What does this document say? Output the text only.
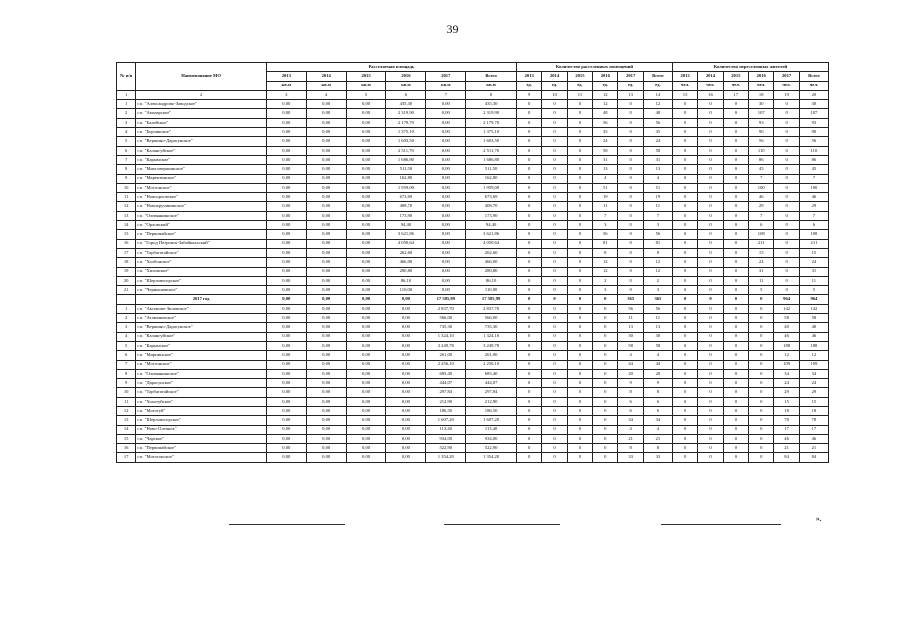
39
№ п/п	Наименование МО	Расселяемая площадь						Количество расселенных помещений						Количество переселенных жителей					
		2013	2014	2015	2016	2017	Всего	2013	2014	2015	2016	2017	Всего	2013	2014	2015	2016	2017	Всего
		кв.м	кв.м	кв.м	кв.м	кв.м	кв.м	ед.	ед.	ед.	ед.	ед.	ед.	чел.	чел.	чел.	чел.	чел.	чел.
1	2	3	4	5	6	7	8	9	10	11	12	13	14	15	16	17	18	19	20
1	г.п. "Александрово-Заводское"	0,00	0,00	0,00	435,30	0,00	435,30	0	0	0	12	0	12	0	0	0	30	0	30
2	г.п. "Амазарское"	0,00	0,00	0,00	2 319,90	0,00	2 319,90	0	0	0	48	0	48	0	0	0	107	0	107
3	г.п. "Балейское"	0,00	0,00	0,00	2 179,70	0,00	2 179,70	0	0	0	56	0	56	0	0	0	93	0	93
4	г.п. "Борзинское"	0,00	0,00	0,00	1 375,10	0,00	1 375,10	0	0	0	35	0	35	0	0	0	90	0	90
5	г.п. "Вершино-Дарасунское"	0,00	0,00	0,00	1 603,50	0,00	1 603,50	0	0	0	24	0	24	0	0	0	56	0	56
6	г.п. "Калангуйское"	0,00	0,00	0,00	2 511,70	0,00	2 511,70	0	0	0	58	0	58	0	0	0	110	0	110
7	г.п. "Карымское"	0,00	0,00	0,00	1 686,80	0,00	1 686,80	0	0	0	31	0	31	0	0	0	86	0	86
8	г.п. "Многовершинское"	0,00	0,00	0,00	511,50	0,00	511,50	0	0	0	13	0	13	0	0	0	45	0	45
9	г.п. "Маректинское"	0,00	0,00	0,00	162,80	0,00	162,80	0	0	0	4	0	4	0	0	0	7	0	7
10	г.п. "Могзонское"	0,00	0,00	0,00	1 959,00	0,00	1 959,00	0	0	0	51	0	51	0	0	0	100	0	100
11	г.п. "Новоорловское"	0,00	0,00	0,00	673,69	0,00	673,69	0	0	0	19	0	19	0	0	0	46	0	46
12	г.п. "Новокручининское"	0,00	0,00	0,00	408,70	0,00	408,70	0	0	0	11	0	11	0	0	0	29	0	29
13	г.п. "Оловяннинское"	0,00	0,00	0,00	173,90	0,00	173,90	0	0	0	7	0	7	0	0	0	7	0	7
14	г.п. "Орловский"	0,00	0,00	0,00	94,40	0,00	94,40	0	0	0	3	0	3	0	0	0	6	0	6
15	г.п. "Первомайское"	0,00	0,00	0,00	3 621,86	0,00	3 621,86	0	0	0	56	0	56	0	0	0	108	0	108
16	г.о. "Город Петровск-Забайкальский"	0,00	0,00	0,00	4 050,64	0,00	4 050,64	0	0	0	81	0	81	0	0	0	211	0	211
17	г.п. "Тарбагатайское"	0,00	0,00	0,00	262,60	0,00	262,60	0	0	0	8	0	8	0	0	0	15	0	15
18	г.п. "Холбонское"	0,00	0,00	0,00	466,00	0,00	466,00	0	0	0	12	0	12	0	0	0	24	0	24
19	г.п. "Хилокское"	0,00	0,00	0,00	280,80	0,00	280,80	0	0	0	12	0	12	0	0	0	31	0	31
20	г.п. "Шерловогорское"	0,00	0,00	0,00	86,10	0,00	86,10	0	0	0	2	0	2	0	0	0	11	0	11
21	г.п. "Чернышевское"	0,00	0,00	0,00	110,00	0,00	110,00	0	0	0	3	0	3	0	0	0	5	0	5
	2017 год	0,00	0,00	0,00	0,00	17 585,99	17 585,99	0	0	0	0	365	365	0	0	0	0	964	964
1	г.п. "Аксеново-Зиловское"	0,00	0,00	0,00	0,00	2 837,70	2 837,70	0	0	0	0	56	56	0	0	0	0	142	142
2	г.п. "Атамановское"	0,00	0,00	0,00	0,00	566,00	566,00	0	0	0	0	11	11	0	0	0	0	58	58
3	г.п. "Вершино-Дарасунское"	0,00	0,00	0,00	0,00	735,30	735,30	0	0	0	0	13	13	0	0	0	0	40	40
4	г.п. "Калангуйское"	0,00	0,00	0,00	0,00	1 324,10	1 324,10	0	0	0	0	30	30	0	0	0	0	46	46
5	г.п. "Карымское"	0,00	0,00	0,00	0,00	3 249,78	3 249,78	0	0	0	0	58	58	0	0	0	0	188	188
6	г.п. "Мирнинское"	0,00	0,00	0,00	0,00	261,00	261,00	0	0	0	0	4	4	0	0	0	0	12	12
7	г.п. "Могзонское"	0,00	0,00	0,00	0,00	2 256,10	2 256,10	0	0	0	0	44	44	0	0	0	0	109	109
8	г.п. "Оловяннинское"	0,00	0,00	0,00	0,00	685,40	685,40	0	0	0	0	20	20	0	0	0	0	34	34
9	г.п. "Дарасунское"	0,00	0,00	0,00	0,00	444,07	444,07	0	0	0	0	9	9	0	0	0	0	24	24
10	г.п. "Тарбагатайское"	0,00	0,00	0,00	0,00	297,84	297,84	0	0	0	0	8	8	0	0	0	0	29	29
11	г.п. "Хохотуйское"	0,00	0,00	0,00	0,00	212,90	212,90	0	0	0	0	6	6	0	0	0	0	15	15
12	г.п. "Моготуй"	0,00	0,00	0,00	0,00	186,50	186,50	0	0	0	0	6	6	0	0	0	0	18	18
13	г.п. "Шерловогорское"	0,00	0,00	0,00	0,00	1 607,20	1 607,20	0	0	0	0	34	34	0	0	0	0	78	78
14	г.п. "Ново-Олгинск"	0,00	0,00	0,00	0,00	113,40	113,40	0	0	0	0	4	4	0	0	0	0	17	17
15	г.п. "Чарское"	0,00	0,00	0,00	0,00	934,00	934,00	0	0	0	0	21	21	0	0	0	0	46	46
16	г.п. "Первомайское"	0,00	0,00	0,00	0,00	522,90	522,90	0	0	0	0	8	8	0	0	0	0	21	21
17	г.п. "Мотогонское"	0,00	0,00	0,00	0,00	1 354,20	1 354,20	0	0	0	0	33	33	0	0	0	0	84	84
».
